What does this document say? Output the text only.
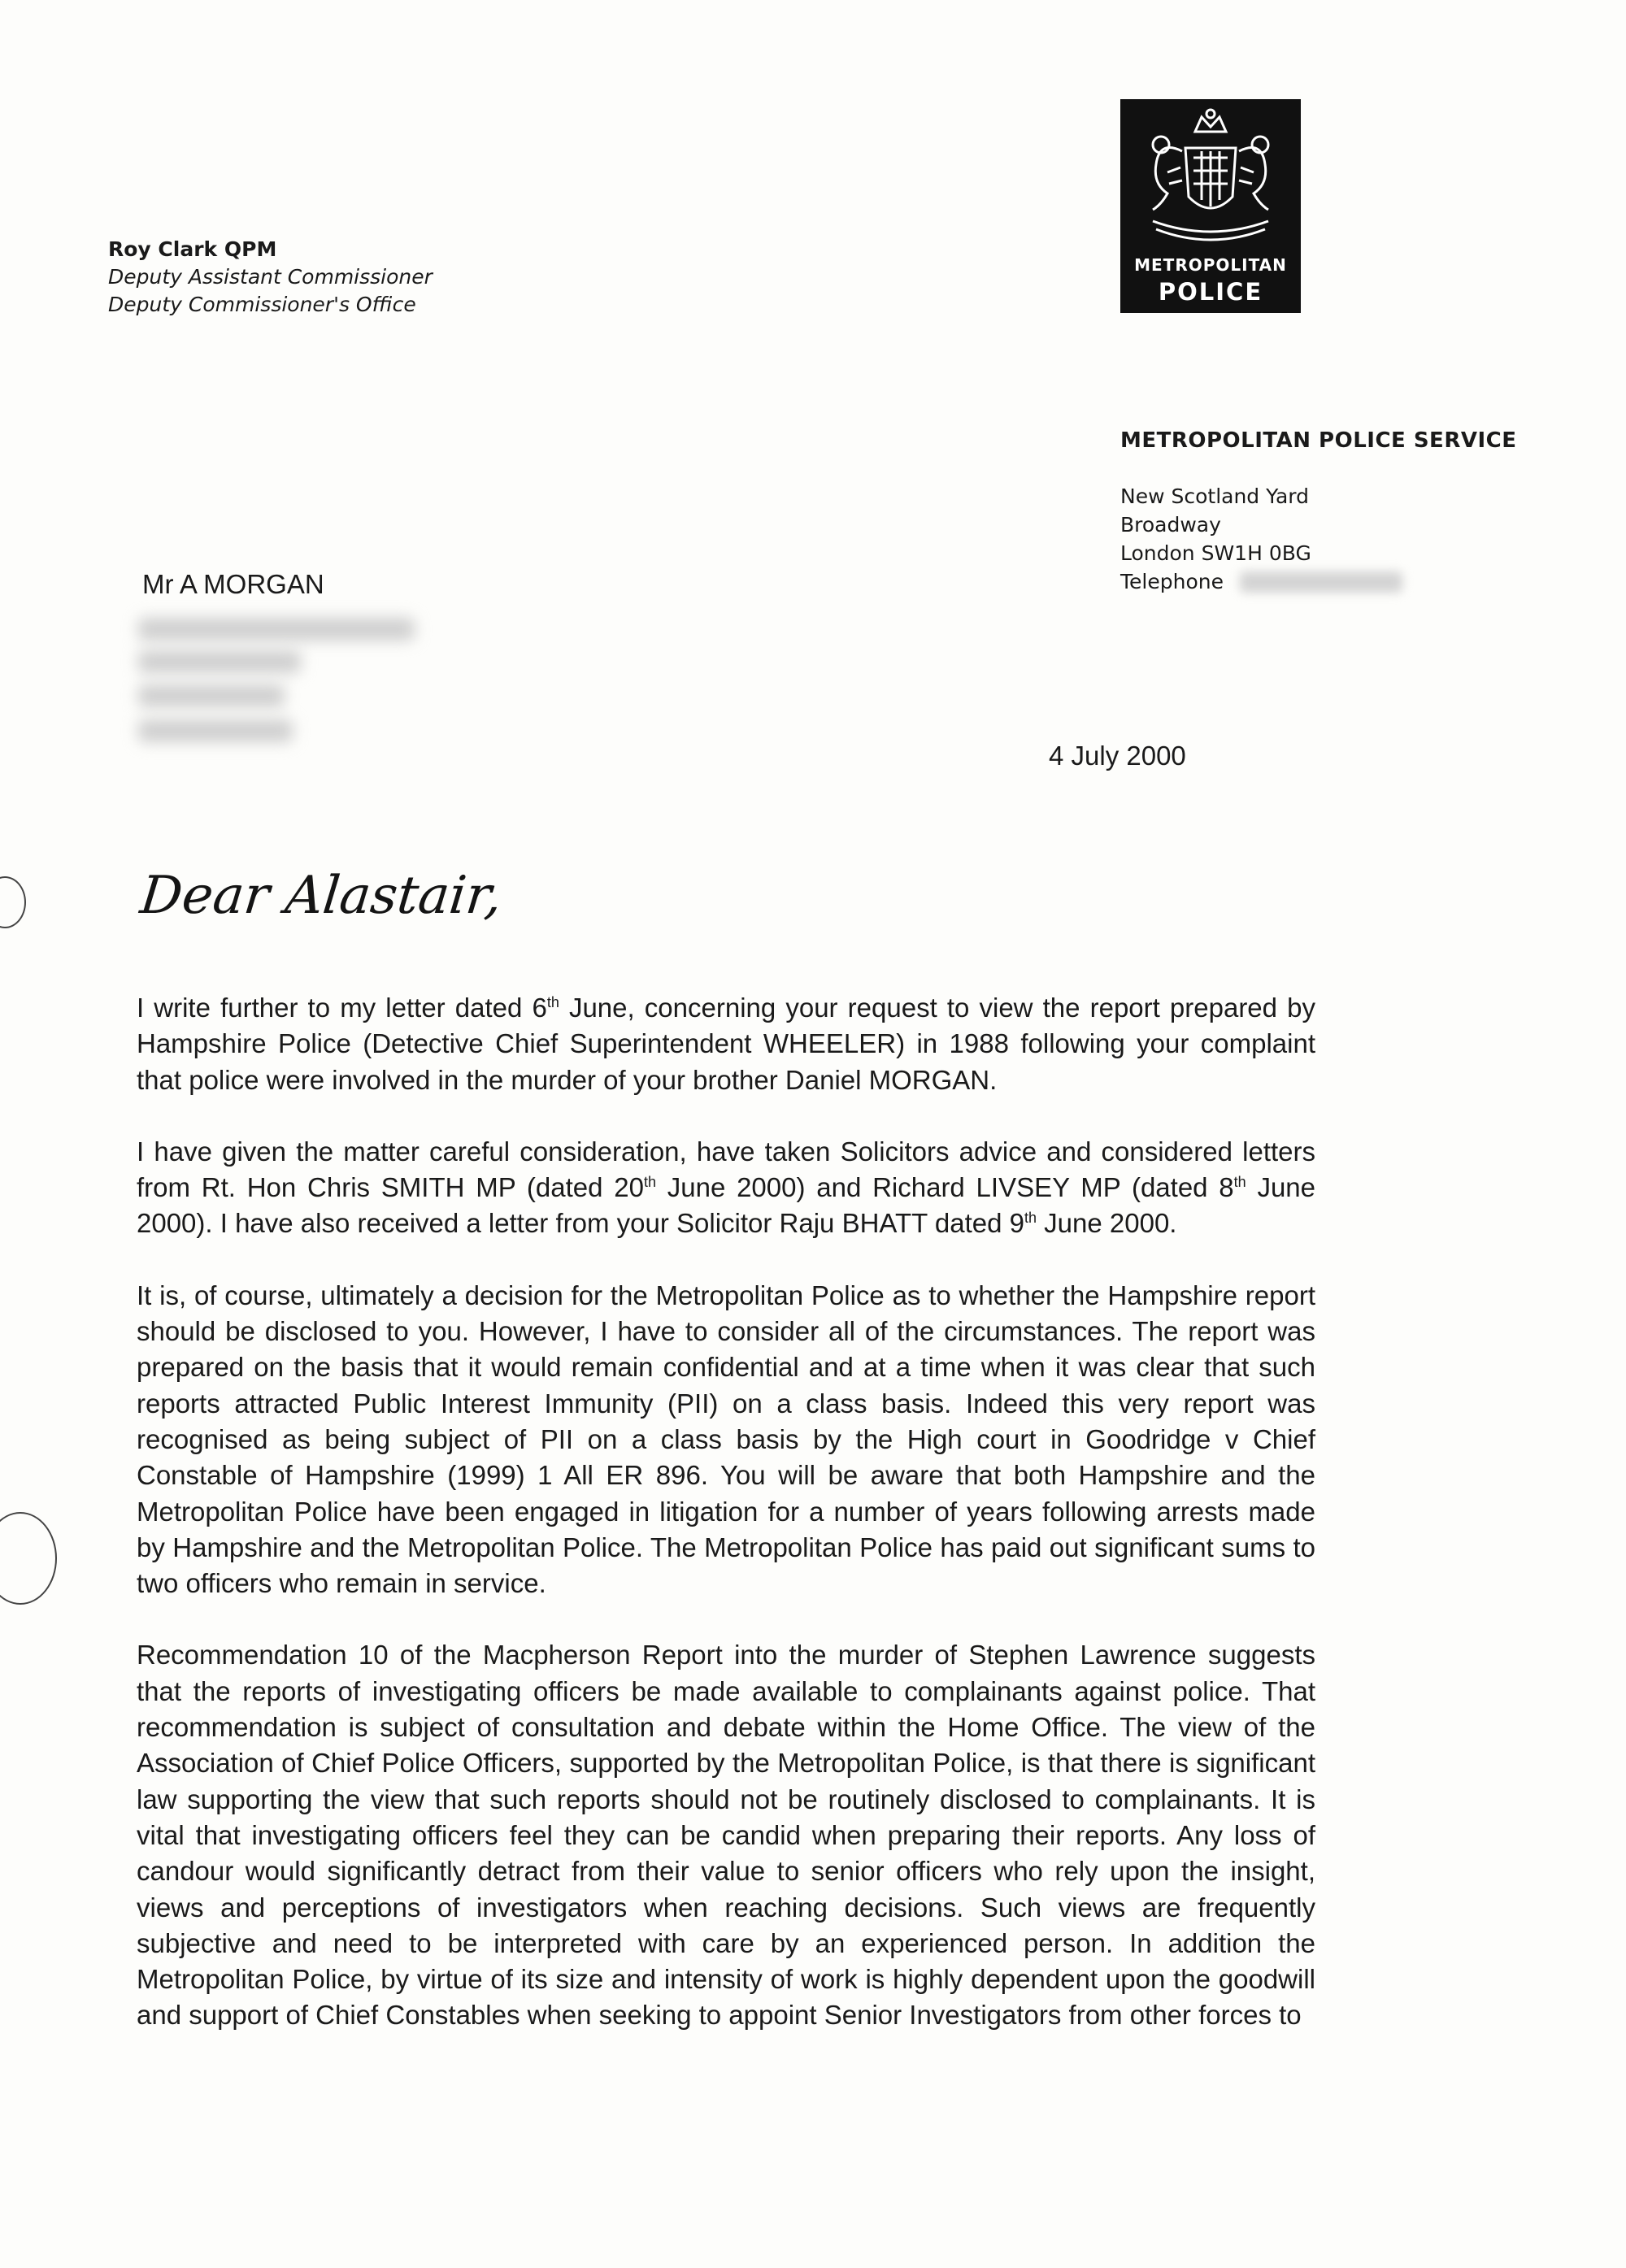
Roy Clark QPM
Deputy Assistant Commissioner
Deputy Commissioner's Office
METROPOLITAN
POLICE
METROPOLITAN POLICE SERVICE
New Scotland Yard
Broadway
London SW1H 0BG
Telephone
Mr A MORGAN
4 July 2000
Dear Alastair,

I write further to my letter dated 6th June, concerning your request to view the report prepared by Hampshire Police (Detective Chief Superintendent WHEELER) in 1988 following your complaint that police were involved in the murder of your brother Daniel MORGAN.

I have given the matter careful consideration, have taken Solicitors advice and considered letters from Rt. Hon Chris SMITH MP (dated 20th June 2000) and Richard LIVSEY MP (dated 8th June 2000). I have also received a letter from your Solicitor Raju BHATT dated 9th June 2000.

It is, of course, ultimately a decision for the Metropolitan Police as to whether the Hampshire report should be disclosed to you. However, I have to consider all of the circumstances. The report was prepared on the basis that it would remain confidential and at a time when it was clear that such reports attracted Public Interest Immunity (PII) on a class basis. Indeed this very report was recognised as being subject of PII on a class basis by the High court in Goodridge v Chief Constable of Hampshire (1999) 1 All ER 896. You will be aware that both Hampshire and the Metropolitan Police have been engaged in litigation for a number of years following arrests made by Hampshire and the Metropolitan Police. The Metropolitan Police has paid out significant sums to two officers who remain in service.

Recommendation 10 of the Macpherson Report into the murder of Stephen Lawrence suggests that the reports of investigating officers be made available to complainants against police. That recommendation is subject of consultation and debate within the Home Office. The view of the Association of Chief Police Officers, supported by the Metropolitan Police, is that there is significant law supporting the view that such reports should not be routinely disclosed to complainants. It is vital that investigating officers feel they can be candid when preparing their reports. Any loss of candour would significantly detract from their value to senior officers who rely upon the insight, views and perceptions of investigators when reaching decisions. Such views are frequently subjective and need to be interpreted with care by an experienced person. In addition the Metropolitan Police, by virtue of its size and intensity of work is highly dependent upon the goodwill and support of Chief Constables when seeking to appoint Senior Investigators from other forces to
